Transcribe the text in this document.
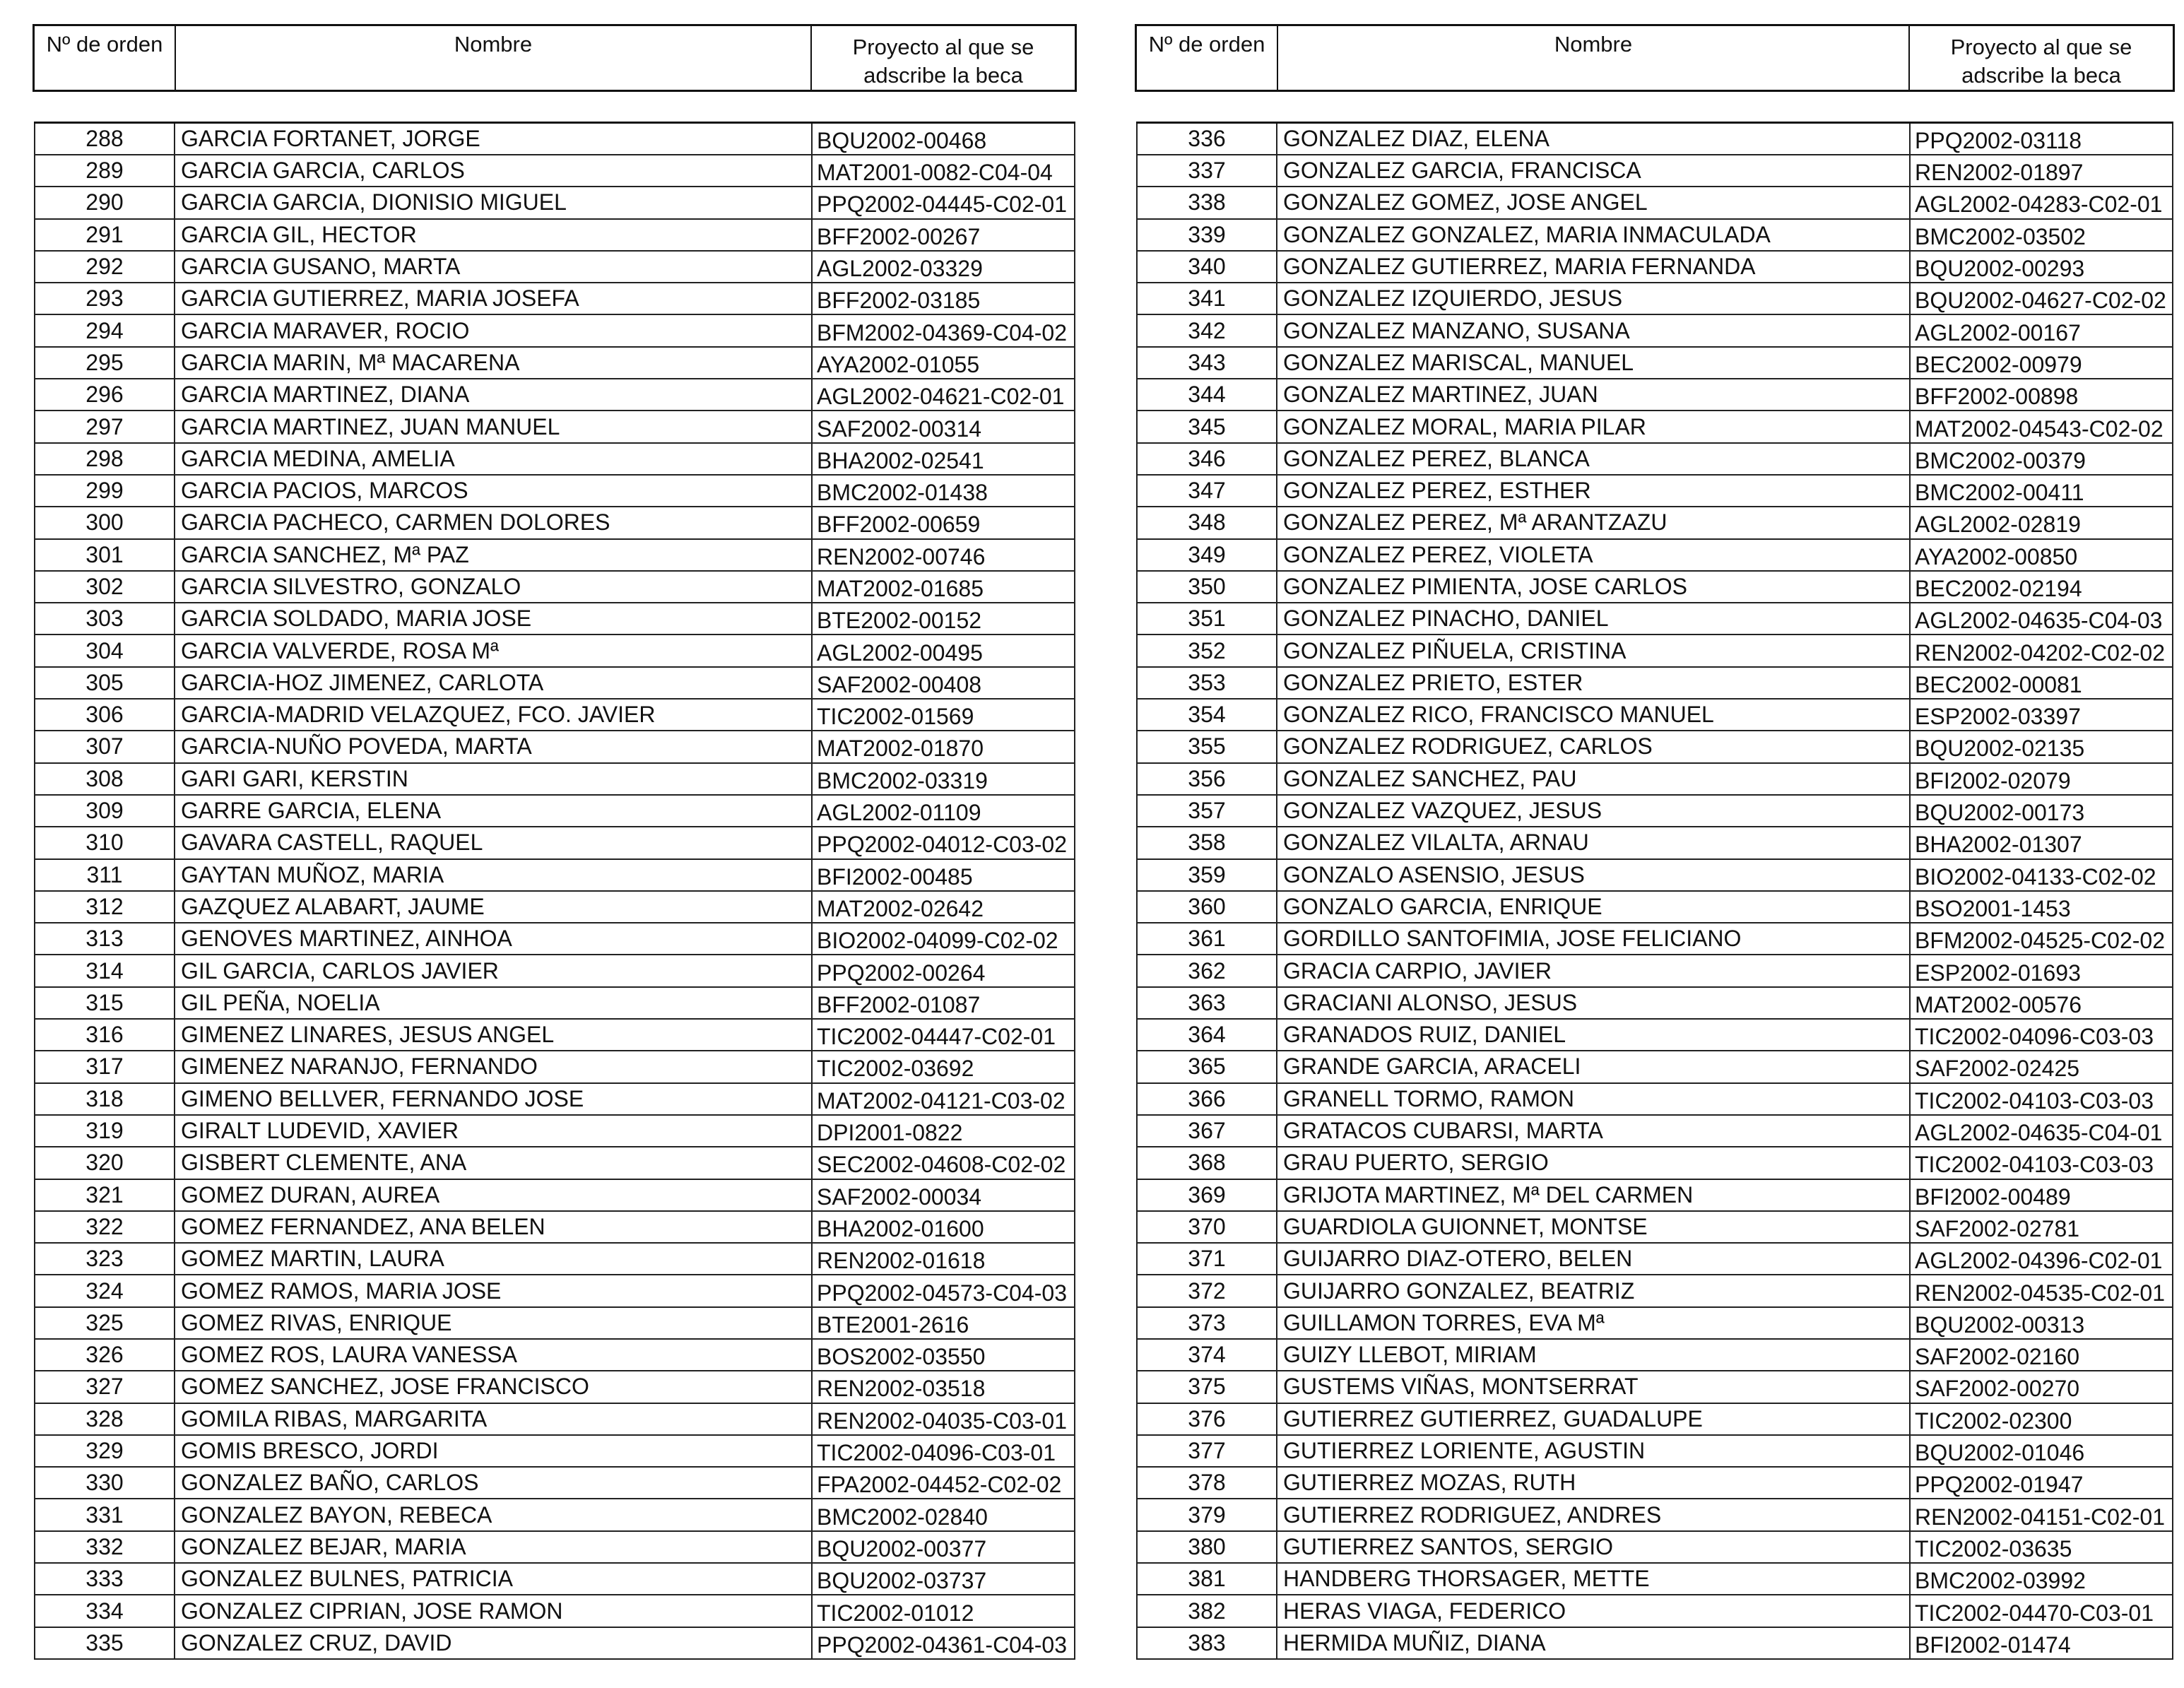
Nº de orden	Nombre	Proyecto al que se
adscribe la beca
288	GARCIA FORTANET, JORGE	BQU2002-00468
289	GARCIA GARCIA, CARLOS	MAT2001-0082-C04-04
290	GARCIA GARCIA, DIONISIO MIGUEL	PPQ2002-04445-C02-01
291	GARCIA GIL, HECTOR	BFF2002-00267
292	GARCIA GUSANO, MARTA	AGL2002-03329
293	GARCIA GUTIERREZ, MARIA JOSEFA	BFF2002-03185
294	GARCIA MARAVER, ROCIO	BFM2002-04369-C04-02
295	GARCIA MARIN, Mª MACARENA	AYA2002-01055
296	GARCIA MARTINEZ, DIANA	AGL2002-04621-C02-01
297	GARCIA MARTINEZ, JUAN MANUEL	SAF2002-00314
298	GARCIA MEDINA, AMELIA	BHA2002-02541
299	GARCIA PACIOS, MARCOS	BMC2002-01438
300	GARCIA PACHECO, CARMEN DOLORES	BFF2002-00659
301	GARCIA SANCHEZ, Mª PAZ	REN2002-00746
302	GARCIA SILVESTRO, GONZALO	MAT2002-01685
303	GARCIA SOLDADO, MARIA JOSE	BTE2002-00152
304	GARCIA VALVERDE, ROSA Mª	AGL2002-00495
305	GARCIA-HOZ JIMENEZ, CARLOTA	SAF2002-00408
306	GARCIA-MADRID VELAZQUEZ, FCO. JAVIER	TIC2002-01569
307	GARCIA-NUÑO POVEDA, MARTA	MAT2002-01870
308	GARI GARI, KERSTIN	BMC2002-03319
309	GARRE GARCIA, ELENA	AGL2002-01109
310	GAVARA CASTELL, RAQUEL	PPQ2002-04012-C03-02
311	GAYTAN MUÑOZ, MARIA	BFI2002-00485
312	GAZQUEZ ALABART, JAUME	MAT2002-02642
313	GENOVES MARTINEZ, AINHOA	BIO2002-04099-C02-02
314	GIL GARCIA, CARLOS JAVIER	PPQ2002-00264
315	GIL PEÑA, NOELIA	BFF2002-01087
316	GIMENEZ LINARES, JESUS ANGEL	TIC2002-04447-C02-01
317	GIMENEZ NARANJO, FERNANDO	TIC2002-03692
318	GIMENO BELLVER, FERNANDO JOSE	MAT2002-04121-C03-02
319	GIRALT LUDEVID, XAVIER	DPI2001-0822
320	GISBERT CLEMENTE, ANA	SEC2002-04608-C02-02
321	GOMEZ DURAN, AUREA	SAF2002-00034
322	GOMEZ FERNANDEZ, ANA BELEN	BHA2002-01600
323	GOMEZ MARTIN, LAURA	REN2002-01618
324	GOMEZ RAMOS, MARIA JOSE	PPQ2002-04573-C04-03
325	GOMEZ RIVAS, ENRIQUE	BTE2001-2616
326	GOMEZ ROS, LAURA VANESSA	BOS2002-03550
327	GOMEZ SANCHEZ, JOSE FRANCISCO	REN2002-03518
328	GOMILA RIBAS, MARGARITA	REN2002-04035-C03-01
329	GOMIS BRESCO, JORDI	TIC2002-04096-C03-01
330	GONZALEZ BAÑO, CARLOS	FPA2002-04452-C02-02
331	GONZALEZ BAYON, REBECA	BMC2002-02840
332	GONZALEZ BEJAR, MARIA	BQU2002-00377
333	GONZALEZ BULNES, PATRICIA	BQU2002-03737
334	GONZALEZ CIPRIAN, JOSE RAMON	TIC2002-01012
335	GONZALEZ CRUZ, DAVID	PPQ2002-04361-C04-03
Nº de orden	Nombre	Proyecto al que se
adscribe la beca
336	GONZALEZ DIAZ, ELENA	PPQ2002-03118
337	GONZALEZ GARCIA, FRANCISCA	REN2002-01897
338	GONZALEZ GOMEZ, JOSE ANGEL	AGL2002-04283-C02-01
339	GONZALEZ GONZALEZ, MARIA INMACULADA	BMC2002-03502
340	GONZALEZ GUTIERREZ, MARIA FERNANDA	BQU2002-00293
341	GONZALEZ IZQUIERDO, JESUS	BQU2002-04627-C02-02
342	GONZALEZ MANZANO, SUSANA	AGL2002-00167
343	GONZALEZ MARISCAL, MANUEL	BEC2002-00979
344	GONZALEZ MARTINEZ, JUAN	BFF2002-00898
345	GONZALEZ MORAL, MARIA PILAR	MAT2002-04543-C02-02
346	GONZALEZ PEREZ, BLANCA	BMC2002-00379
347	GONZALEZ PEREZ, ESTHER	BMC2002-00411
348	GONZALEZ PEREZ, Mª ARANTZAZU	AGL2002-02819
349	GONZALEZ PEREZ, VIOLETA	AYA2002-00850
350	GONZALEZ PIMIENTA, JOSE CARLOS	BEC2002-02194
351	GONZALEZ PINACHO, DANIEL	AGL2002-04635-C04-03
352	GONZALEZ PIÑUELA, CRISTINA	REN2002-04202-C02-02
353	GONZALEZ PRIETO, ESTER	BEC2002-00081
354	GONZALEZ RICO, FRANCISCO MANUEL	ESP2002-03397
355	GONZALEZ RODRIGUEZ, CARLOS	BQU2002-02135
356	GONZALEZ SANCHEZ, PAU	BFI2002-02079
357	GONZALEZ VAZQUEZ, JESUS	BQU2002-00173
358	GONZALEZ VILALTA, ARNAU	BHA2002-01307
359	GONZALO ASENSIO, JESUS	BIO2002-04133-C02-02
360	GONZALO GARCIA, ENRIQUE	BSO2001-1453
361	GORDILLO SANTOFIMIA, JOSE FELICIANO	BFM2002-04525-C02-02
362	GRACIA CARPIO, JAVIER	ESP2002-01693
363	GRACIANI ALONSO, JESUS	MAT2002-00576
364	GRANADOS RUIZ, DANIEL	TIC2002-04096-C03-03
365	GRANDE GARCIA, ARACELI	SAF2002-02425
366	GRANELL TORMO, RAMON	TIC2002-04103-C03-03
367	GRATACOS CUBARSI, MARTA	AGL2002-04635-C04-01
368	GRAU PUERTO, SERGIO	TIC2002-04103-C03-03
369	GRIJOTA MARTINEZ, Mª DEL CARMEN	BFI2002-00489
370	GUARDIOLA GUIONNET, MONTSE	SAF2002-02781
371	GUIJARRO DIAZ-OTERO, BELEN	AGL2002-04396-C02-01
372	GUIJARRO GONZALEZ, BEATRIZ	REN2002-04535-C02-01
373	GUILLAMON TORRES, EVA Mª	BQU2002-00313
374	GUIZY LLEBOT, MIRIAM	SAF2002-02160
375	GUSTEMS VIÑAS, MONTSERRAT	SAF2002-00270
376	GUTIERREZ GUTIERREZ, GUADALUPE	TIC2002-02300
377	GUTIERREZ LORIENTE, AGUSTIN	BQU2002-01046
378	GUTIERREZ MOZAS, RUTH	PPQ2002-01947
379	GUTIERREZ RODRIGUEZ, ANDRES	REN2002-04151-C02-01
380	GUTIERREZ SANTOS, SERGIO	TIC2002-03635
381	HANDBERG THORSAGER, METTE	BMC2002-03992
382	HERAS VIAGA, FEDERICO	TIC2002-04470-C03-01
383	HERMIDA MUÑIZ, DIANA	BFI2002-01474
